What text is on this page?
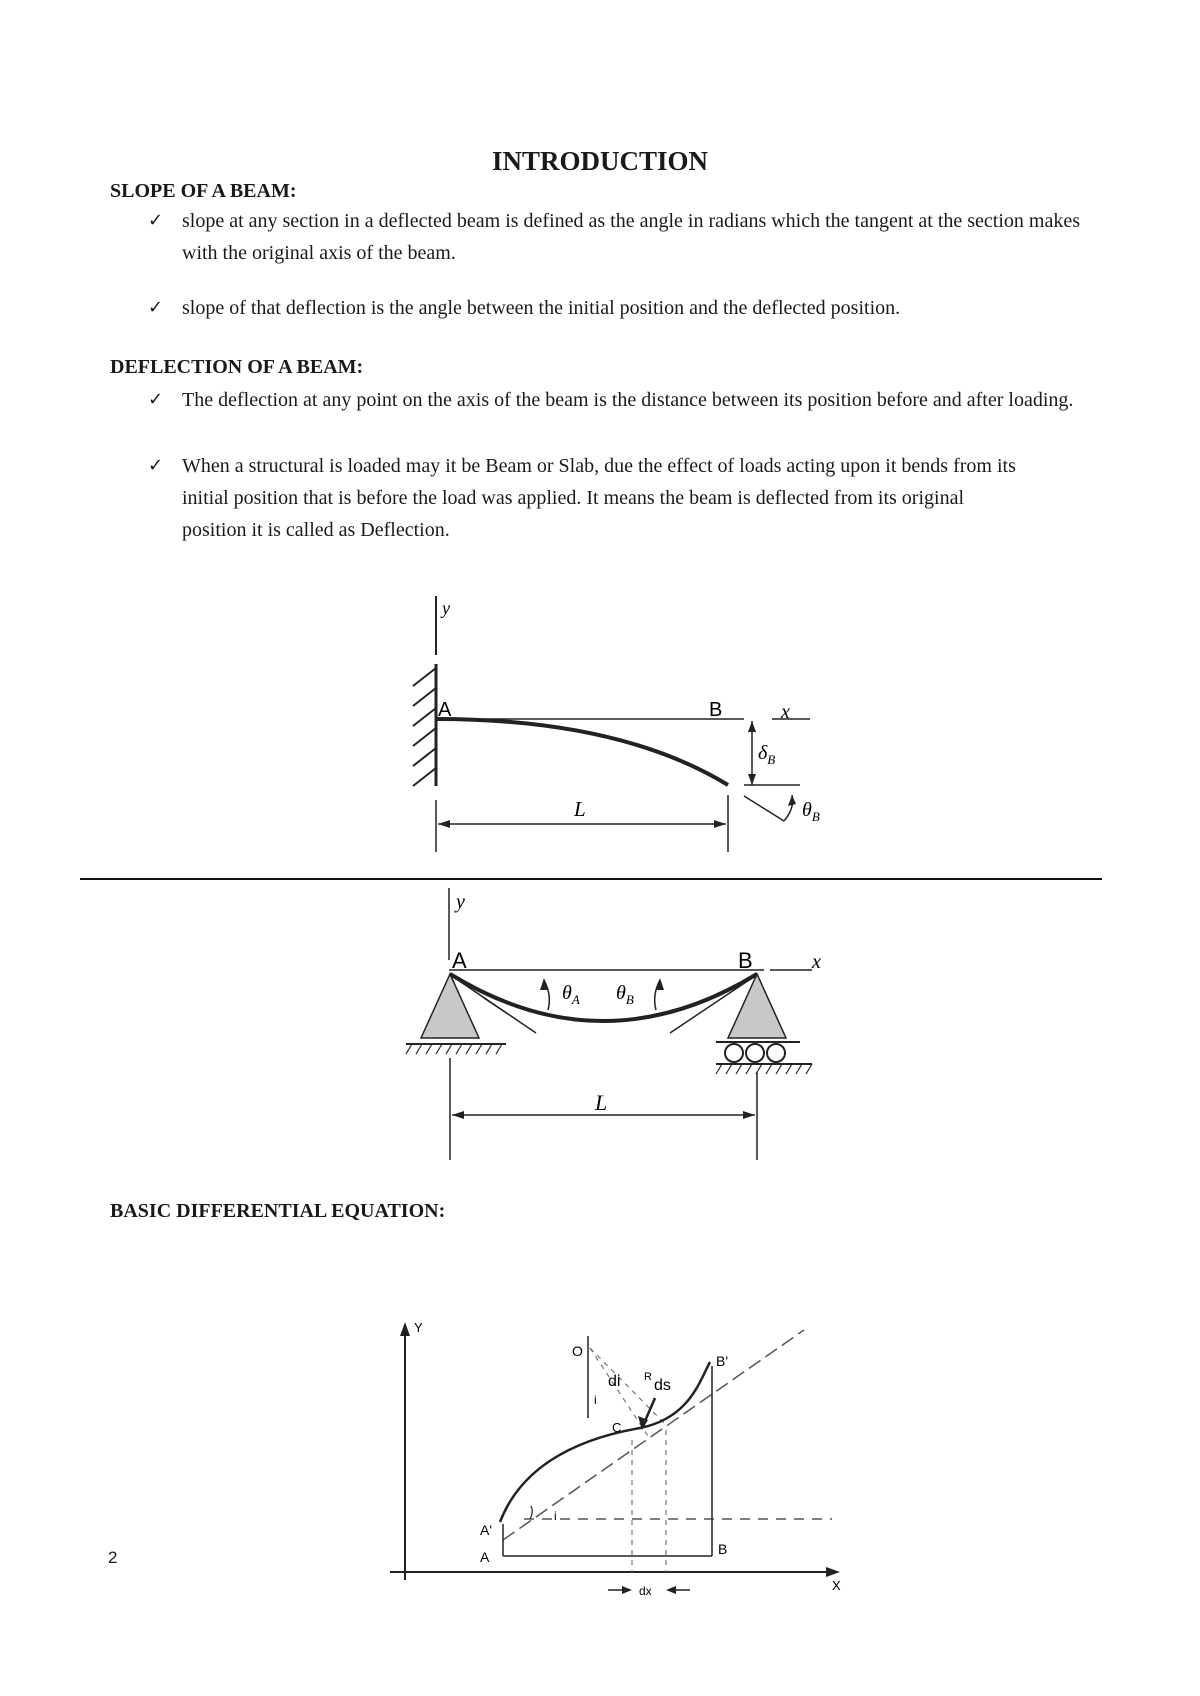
INTRODUCTION
SLOPE OF A BEAM:
✓ slope at any section in a deflected beam is defined as the angle in radians which the tangent at the section makes with the original axis of the beam.
✓ slope of that deflection is the angle between the initial position and the deflected position.
DEFLECTION OF A BEAM:
✓ The deflection at any point on the axis of the beam is the distance between its position before and after loading.
✓ When a structural is loaded may it be Beam or Slab, due the effect of loads acting upon it bends from its initial position that is before the load was applied. It means the beam is deflected from its original position it is called as Deflection.
y
A	B	x
$\delta_B$
$\theta_B$
L
y
A	B	x
$\theta_A$ $\theta_B$
L
BASIC DIFFERENTIAL EQUATION:
Y
X
O
di R ds
i
C
B'
A'
i
A	B
dx
2
